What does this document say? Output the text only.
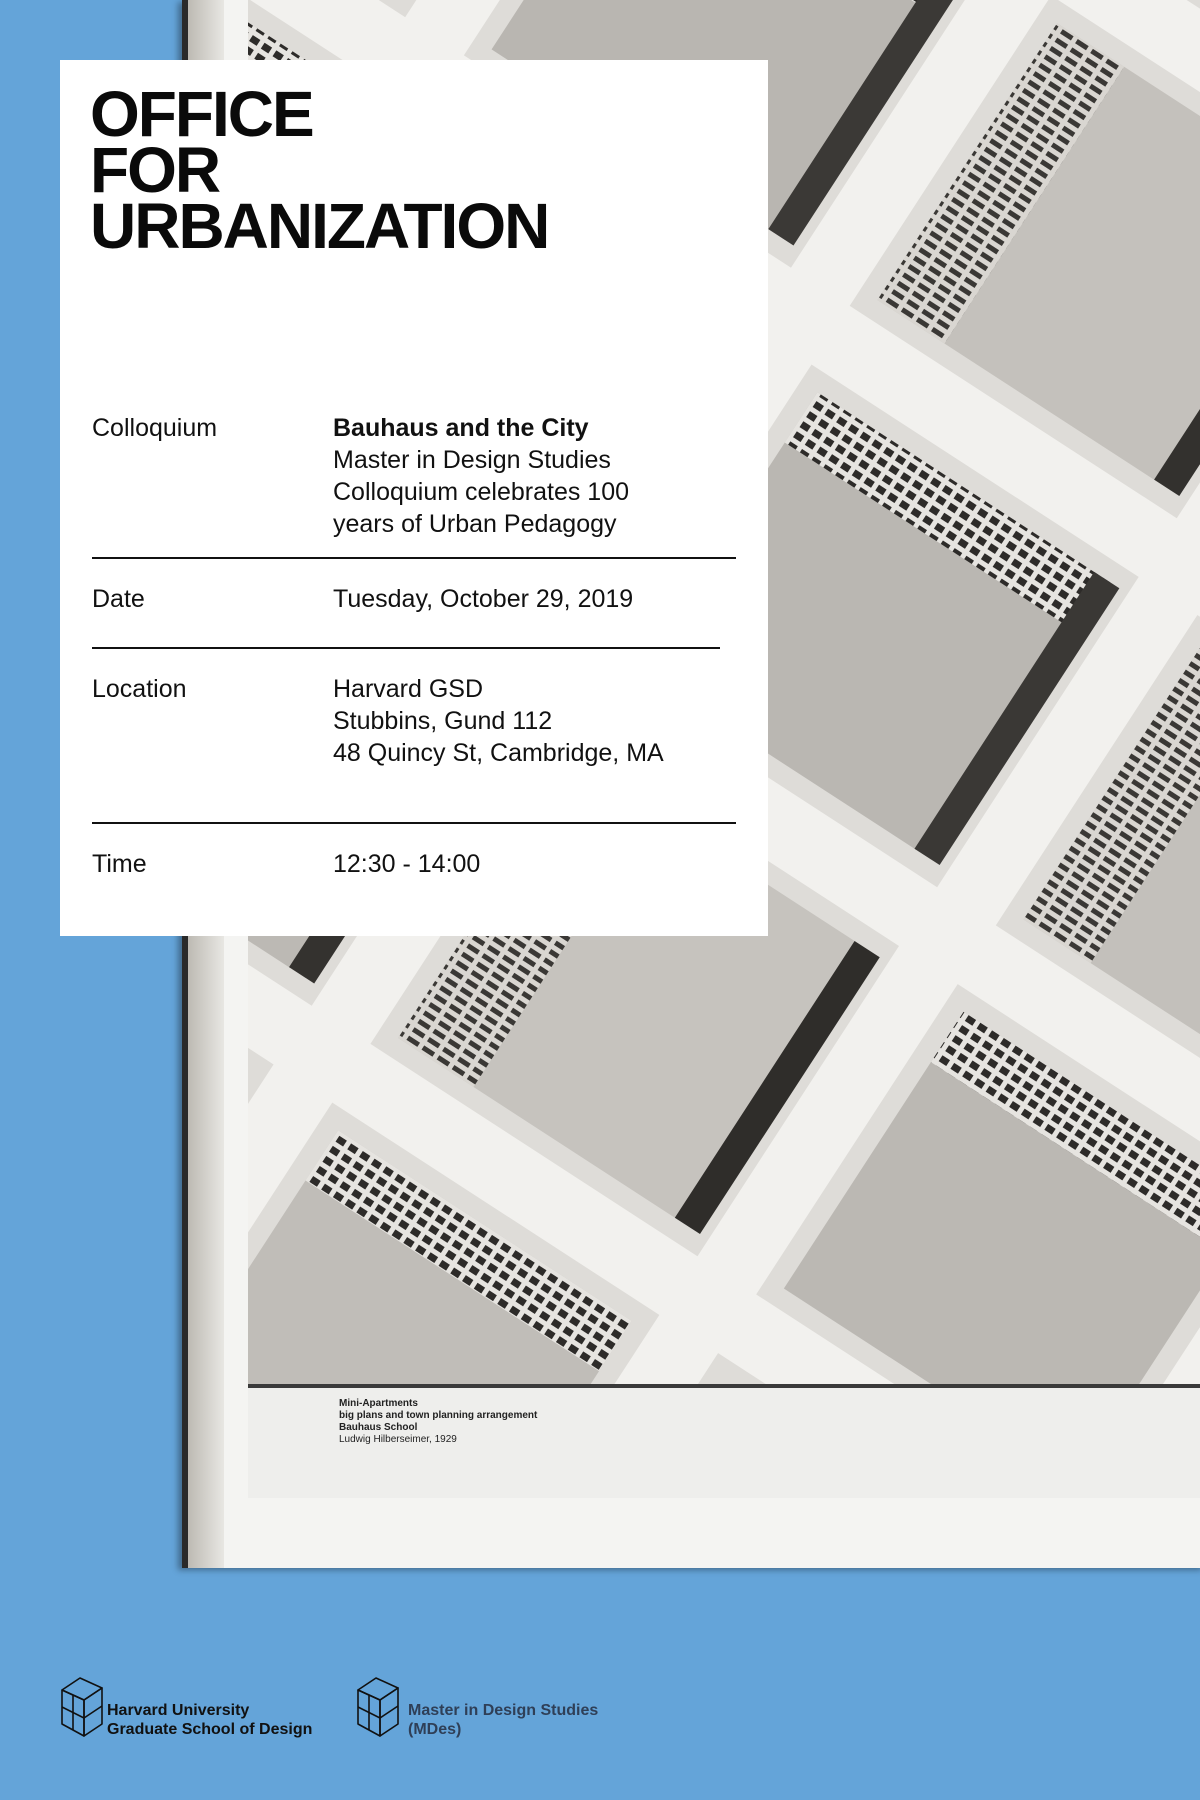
Mini-Apartments
big plans and town planning arrangement
Bauhaus School
Ludwig Hilberseimer, 1929
OFFICE
FOR
URBANIZATION
Colloquium	Bauhaus and the City
Master in Design Studies
Colloquium celebrates 100
years of Urban Pedagogy
Date	Tuesday, October 29, 2019
Location	Harvard GSD
Stubbins, Gund 112
48 Quincy St, Cambridge, MA
Time	12:30 - 14:00
Harvard University
Graduate School of Design
Master in Design Studies
(MDes)
